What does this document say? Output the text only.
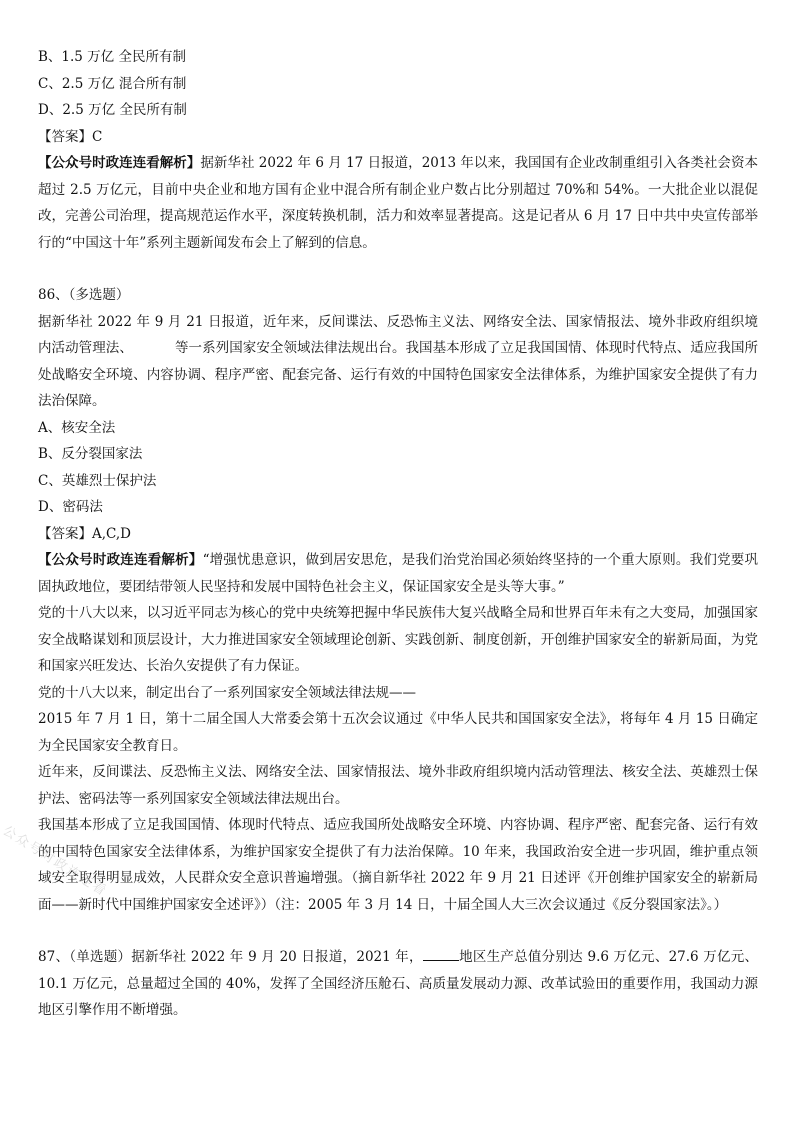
B、1.5 万亿 全民所有制
C、2.5 万亿 混合所有制
D、2.5 万亿 全民所有制
【答案】C

【公众号时政连连看解析】据新华社 2022 年 6 月 17 日报道，2013 年以来，我国国有企业改制重组引入各类社会资本超过 2.5 万亿元，目前中央企业和地方国有企业中混合所有制企业户数占比分别超过 70%和 54%。一大批企业以混促改，完善公司治理，提高规范运作水平，深度转换机制，活力和效率显著提高。这是记者从 6 月 17 日中共中央宣传部举行的“中国这十年”系列主题新闻发布会上了解到的信息。

86、（多选题）

据新华社 2022 年 9 月 21 日报道，近年来，反间谍法、反恐怖主义法、网络安全法、国家情报法、境外非政府组织境内活动管理法、	等一系列国家安全领域法律法规出台。我国基本形成了立足我国国情、体现时代特点、适应我国所处战略安全环境、内容协调、程序严密、配套完备、运行有效的中国特色国家安全法律体系，为维护国家安全提供了有力法治保障。

A、核安全法
B、反分裂国家法
C、英雄烈士保护法
D、密码法
【答案】A,C,D

【公众号时政连连看解析】“增强忧患意识，做到居安思危，是我们治党治国必须始终坚持的一个重大原则。我们党要巩固执政地位，要团结带领人民坚持和发展中国特色社会主义，保证国家安全是头等大事。”

党的十八大以来，以习近平同志为核心的党中央统筹把握中华民族伟大复兴战略全局和世界百年未有之大变局，加强国家安全战略谋划和顶层设计，大力推进国家安全领域理论创新、实践创新、制度创新，开创维护国家安全的崭新局面，为党和国家兴旺发达、长治久安提供了有力保证。

党的十八大以来，制定出台了一系列国家安全领域法律法规——

2015 年 7 月 1 日，第十二届全国人大常委会第十五次会议通过《中华人民共和国国家安全法》，将每年 4 月 15 日确定为全民国家安全教育日。

近年来，反间谍法、反恐怖主义法、网络安全法、国家情报法、境外非政府组织境内活动管理法、核安全法、英雄烈士保护法、密码法等一系列国家安全领域法律法规出台。

我国基本形成了立足我国国情、体现时代特点、适应我国所处战略安全环境、内容协调、程序严密、配套完备、运行有效的中国特色国家安全法律体系，为维护国家安全提供了有力法治保障。10 年来，我国政治安全进一步巩固，维护重点领域安全取得明显成效，人民群众安全意识普遍增强。（摘自新华社 2022 年 9 月 21 日述评《开创维护国家安全的崭新局面——新时代中国维护国家安全述评》）（注：2005 年 3 月 14 日，十届全国人大三次会议通过《反分裂国家法》。）

87、（单选题）据新华社 2022 年 9 月 20 日报道，2021 年，	地区生产总值分别达 9.6 万亿元、27.6 万亿元、10.1 万亿元，总量超过全国的 40%，发挥了全国经济压舱石、高质量发展动力源、改革试验田的重要作用，我国动力源地区引擎作用不断增强。

公众号时政连连看
